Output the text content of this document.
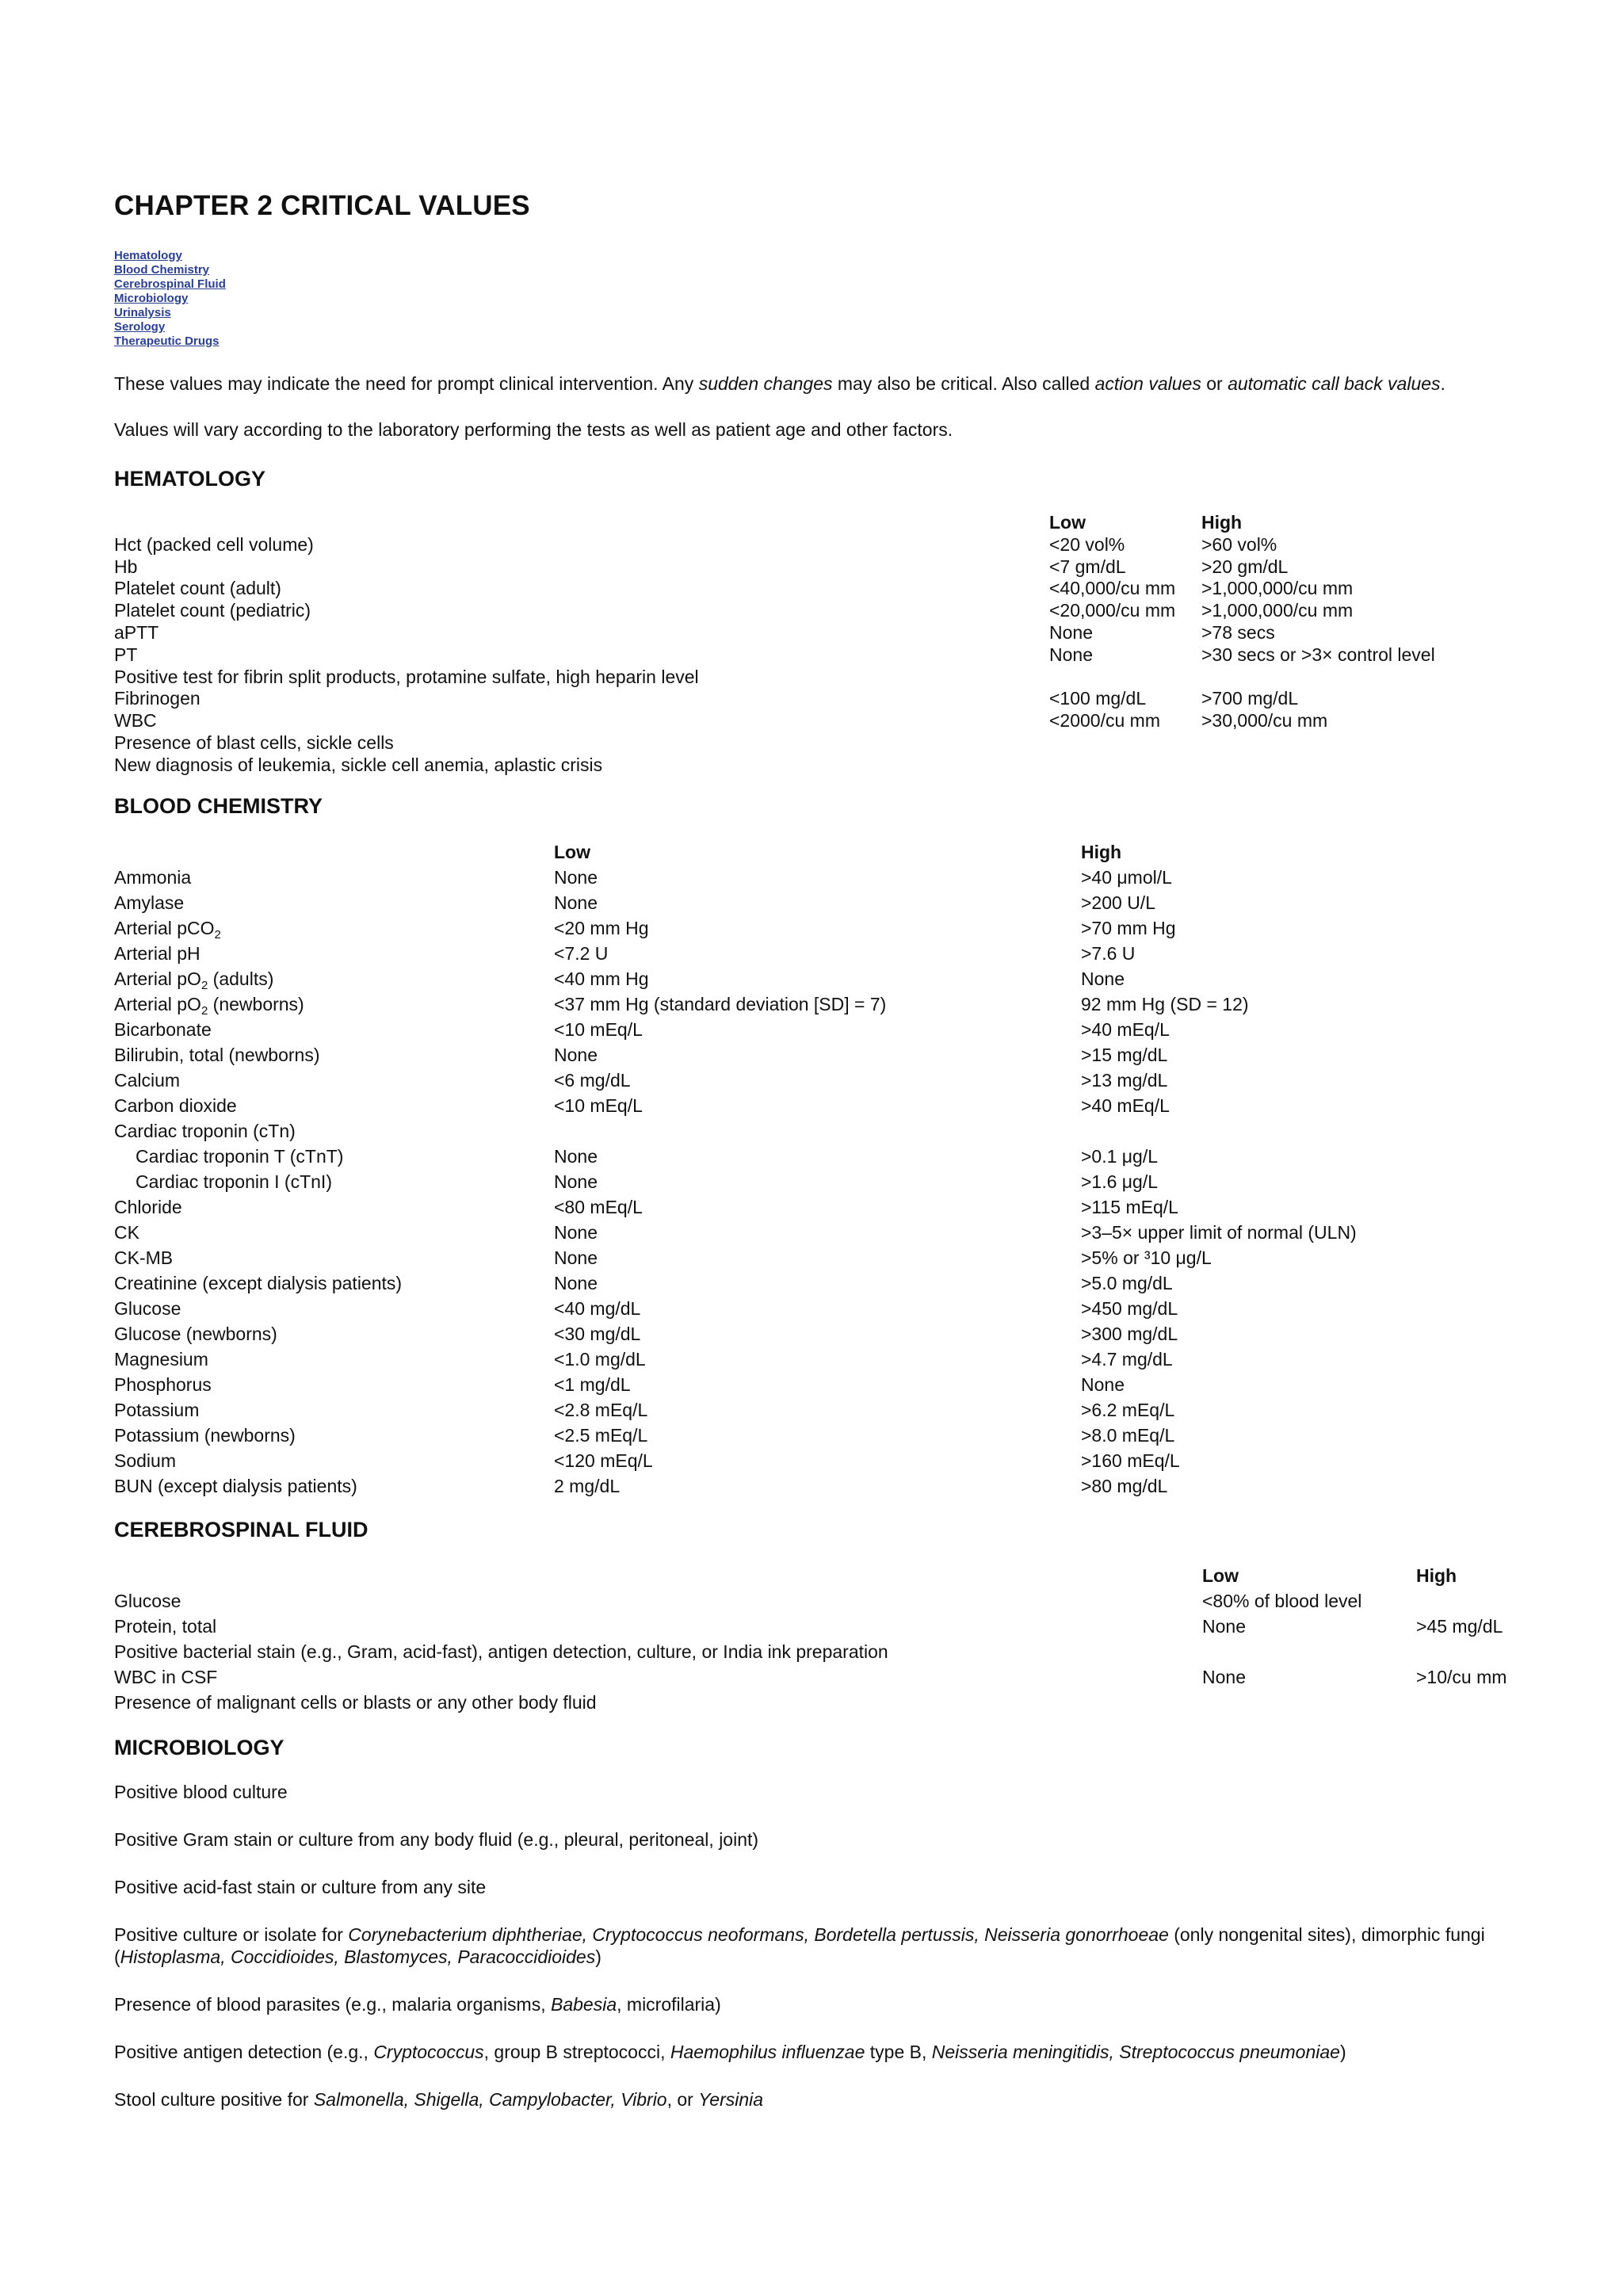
CHAPTER 2 CRITICAL VALUES
Hematology
Blood Chemistry
Cerebrospinal Fluid
Microbiology
Urinalysis
Serology
Therapeutic Drugs

These values may indicate the need for prompt clinical intervention. Any sudden changes may also be critical. Also called action values or automatic call back values.

Values will vary according to the laboratory performing the tests as well as patient age and other factors.

HEMATOLOGY
	Low	High
Hct (packed cell volume)	<20 vol%	>60 vol%
Hb	<7 gm/dL	>20 gm/dL
Platelet count (adult)	<40,000/cu mm	>1,000,000/cu mm
Platelet count (pediatric)	<20,000/cu mm	>1,000,000/cu mm
aPTT	None	>78 secs
PT	None	>30 secs or >3× control level
Positive test for fibrin split products, protamine sulfate, high heparin level		
Fibrinogen	<100 mg/dL	>700 mg/dL
WBC	<2000/cu mm	>30,000/cu mm
Presence of blast cells, sickle cells		
New diagnosis of leukemia, sickle cell anemia, aplastic crisis		
BLOOD CHEMISTRY
	Low	High
Ammonia	None	>40 μmol/L
Amylase	None	>200 U/L
Arterial pCO$_2$	<20 mm Hg	>70 mm Hg
Arterial pH	<7.2 U	>7.6 U
Arterial $pO_2$ (adults)	<40 mm Hg	None
Arterial $pO_2$ (newborns)	<37 mm Hg (standard deviation [SD] = 7)	92 mm Hg (SD = 12)
Bicarbonate	<10 mEq/L	>40 mEq/L
Bilirubin, total (newborns)	None	>15 mg/dL
Calcium	<6 mg/dL	>13 mg/dL
Carbon dioxide	<10 mEq/L	>40 mEq/L
Cardiac troponin (cTn)		
Cardiac troponin T (cTnT)	None	>0.1 μg/L
Cardiac troponin I (cTnI)	None	>1.6 μg/L
Chloride	<80 mEq/L	>115 mEq/L
CK	None	>3–5× upper limit of normal (ULN)
CK-MB	None	>5% or ³10 μg/L
Creatinine (except dialysis patients)	None	>5.0 mg/dL
Glucose	<40 mg/dL	>450 mg/dL
Glucose (newborns)	<30 mg/dL	>300 mg/dL
Magnesium	<1.0 mg/dL	>4.7 mg/dL
Phosphorus	<1 mg/dL	None
Potassium	<2.8 mEq/L	>6.2 mEq/L
Potassium (newborns)	<2.5 mEq/L	>8.0 mEq/L
Sodium	<120 mEq/L	>160 mEq/L
BUN (except dialysis patients)	2 mg/dL	>80 mg/dL
CEREBROSPINAL FLUID
	Low	High
Glucose	<80% of blood level	
Protein, total	None	>45 mg/dL
Positive bacterial stain (e.g., Gram, acid-fast), antigen detection, culture, or India ink preparation		
WBC in CSF	None	>10/cu mm
Presence of malignant cells or blasts or any other body fluid		
MICROBIOLOGY

Positive blood culture

Positive Gram stain or culture from any body fluid (e.g., pleural, peritoneal, joint)

Positive acid-fast stain or culture from any site

Positive culture or isolate for Corynebacterium diphtheriae, Cryptococcus neoformans, Bordetella pertussis, Neisseria gonorrhoeae (only nongenital sites), dimorphic fungi (Histoplasma, Coccidioides, Blastomyces, Paracoccidioides)

Presence of blood parasites (e.g., malaria organisms, Babesia, microfilaria)

Positive antigen detection (e.g., Cryptococcus, group B streptococci, Haemophilus influenzae type B, Neisseria meningitidis, Streptococcus pneumoniae)

Stool culture positive for Salmonella, Shigella, Campylobacter, Vibrio, or Yersinia
